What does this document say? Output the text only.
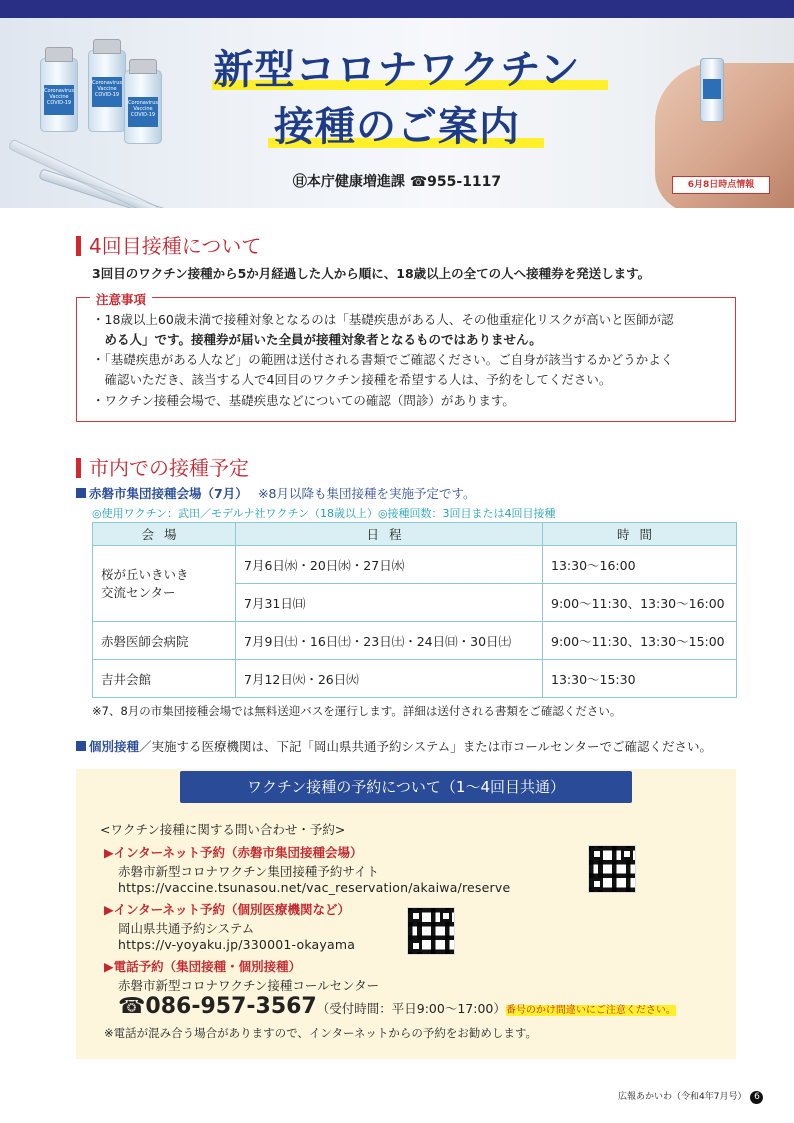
Coronavirus Vaccine COVID-19
Coronavirus Vaccine COVID-19
Coronavirus Vaccine COVID-19
新型コロナワクチン
接種のご案内
㊐本庁健康増進課 ☎955-1117	6月8日時点情報
4回目接種について
3回目のワクチン接種から5か月経過した人から順に、18歳以上の全ての人へ接種券を発送します。
注意事項
・18歳以上60歳未満で接種対象となるのは「基礎疾患がある人、その他重症化リスクが高いと医師が認
　める人」です。接種券が届いた全員が接種対象者となるものではありません。
・「基礎疾患がある人など」の範囲は送付される書類でご確認ください。ご自身が該当するかどうかよく
　確認いただき、該当する人で4回目のワクチン接種を希望する人は、予約をしてください。
・ワクチン接種会場で、基礎疾患などについての確認（問診）があります。
市内での接種予定
赤磐市集団接種会場（7月） ※8月以降も集団接種を実施予定です。
◎使用ワクチン：武田／モデルナ社ワクチン（18歳以上）◎接種回数：3回目または4回目接種
会場	日程	時間
桜が丘いきいき
交流センター	7月6日㈬・20日㈬・27日㈬	13:30～16:00
	7月31日㈰	9:00～11:30、13:30～16:00
赤磐医師会病院	7月9日㈯・16日㈯・23日㈯・24日㈰・30日㈯	9:00～11:30、13:30～15:00
吉井会館	7月12日㈫・26日㈫	13:30～15:30
※7、8月の市集団接種会場では無料送迎バスを運行します。詳細は送付される書類をご確認ください。
個別接種／実施する医療機関は、下記「岡山県共通予約システム」または市コールセンターでご確認ください。
ワクチン接種の予約について（1～4回目共通）
<ワクチン接種に関する問い合わせ・予約>
▶インターネット予約（赤磐市集団接種会場）
赤磐市新型コロナワクチン集団接種予約サイト
https://vaccine.tsunasou.net/vac_reservation/akaiwa/reserve
▶インターネット予約（個別医療機関など）
岡山県共通予約システム
https://v-yoyaku.jp/330001-okayama
▶電話予約（集団接種・個別接種）
赤磐市新型コロナワクチン接種コールセンター
☎086-957-3567（受付時間：平日9:00～17:00）番号のかけ間違いにご注意ください。
※電話が混み合う場合がありますので、インターネットからの予約をお勧めします。
広報あかいわ（令和4年7月号） 6
